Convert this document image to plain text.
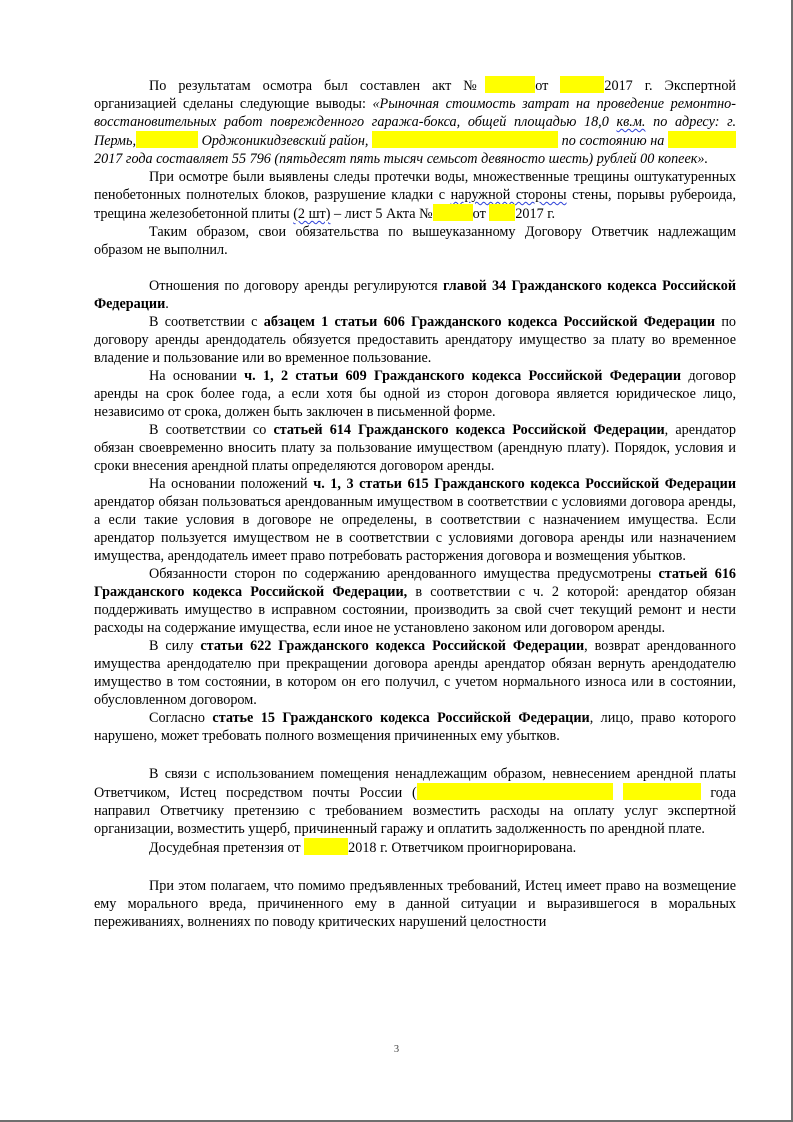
По результатам осмотра был составлен акт №	от	2017 г. Экспертной организацией сделаны следующие выводы: «Рыночная стоимость затрат на проведение ремонтно-восстановительных работ поврежденного гаража-бокса, общей площадью 18,0 кв.м. по адресу: г. Пермь,	Орджоникидзевский район,	по состоянию на  2017 года составляет 55 796 (пятьдесят пять тысяч семьсот девяносто шесть) рублей 00 копеек».

При осмотре были выявлены следы протечки воды, множественные трещины оштукатуренных пенобетонных полнотелых блоков, разрушение кладки с наружной стороны стены, порывы рубероида, трещина железобетонной плиты (2 шт) – лист 5 Акта №	от 2017 г.

Таким образом, свои обязательства по вышеуказанному Договору Ответчик надлежащим образом не выполнил.

Отношения по договору аренды регулируются главой 34 Гражданского кодекса Российской Федерации.

В соответствии с абзацем 1 статьи 606 Гражданского кодекса Российской Федерации по договору аренды арендодатель обязуется предоставить арендатору имущество за плату во временное владение и пользование или во временное пользование.

На основании ч. 1, 2 статьи 609 Гражданского кодекса Российской Федерации договор аренды на срок более года, а если хотя бы одной из сторон договора является юридическое лицо, независимо от срока, должен быть заключен в письменной форме.

В соответствии со статьей 614 Гражданского кодекса Российской Федерации, арендатор обязан своевременно вносить плату за пользование имуществом (арендную плату). Порядок, условия и сроки внесения арендной платы определяются договором аренды.

На основании положений ч. 1, 3 статьи 615 Гражданского кодекса Российской Федерации арендатор обязан пользоваться арендованным имуществом в соответствии с условиями договора аренды, а если такие условия в договоре не определены, в соответствии с назначением имущества. Если арендатор пользуется имуществом не в соответствии с условиями договора аренды или назначением имущества, арендодатель имеет право потребовать расторжения договора и возмещения убытков.

Обязанности сторон по содержанию арендованного имущества предусмотрены статьей 616 Гражданского кодекса Российской Федерации, в соответствии с ч. 2 которой: арендатор обязан поддерживать имущество в исправном состоянии, производить за свой счет текущий ремонт и нести расходы на содержание имущества, если иное не установлено законом или договором аренды.

В силу статьи 622 Гражданского кодекса Российской Федерации, возврат арендованного имущества арендодателю при прекращении договора аренды арендатор обязан вернуть арендодателю имущество в том состоянии, в котором он его получил, с учетом нормального износа или в состоянии, обусловленном договором.

Согласно статье 15 Гражданского кодекса Российской Федерации, лицо, право которого нарушено, может требовать полного возмещения причиненных ему убытков.

В связи с использованием помещения ненадлежащим образом, невнесением арендной платы Ответчиком, Истец посредством почты России (	года направил Ответчику претензию с требованием возместить расходы на оплату услуг экспертной организации, возместить ущерб, причиненный гаражу и оплатить задолженность по арендной плате.

Досудебная претензия от	2018 г. Ответчиком проигнорирована.

При этом полагаем, что помимо предъявленных требований, Истец имеет право на возмещение ему морального вреда, причиненного ему в данной ситуации и выразившегося в моральных переживаниях, волнениях по поводу критических нарушений целостности

3
